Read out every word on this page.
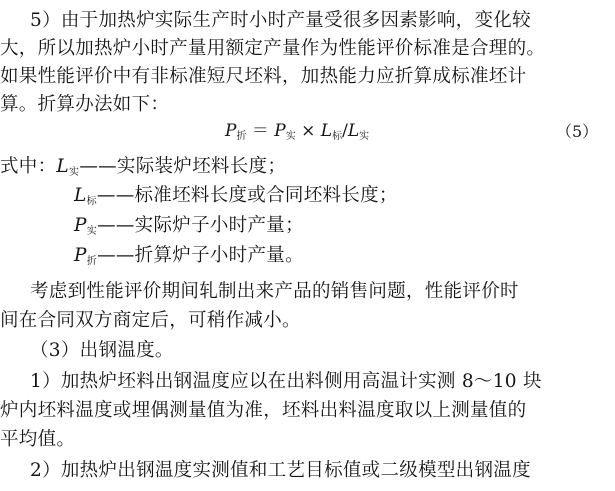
5）由于加热炉实际生产时小时产量受很多因素影响，变化较
大，所以加热炉小时产量用额定产量作为性能评价标准是合理的。
如果性能评价中有非标准短尺坯料，加热能力应折算成标准坯计
算。折算办法如下：
$P_折 = P_实 \times L_标/L_实$	（5）
式中：$L_实——$实际装炉坯料长度；
$L_标——$标准坯料长度或合同坯料长度；
$P_实——$实际炉子小时产量；
$P_折——$折算炉子小时产量。
考虑到性能评价期间轧制出来产品的销售问题，性能评价时
间在合同双方商定后，可稍作减小。
（3）出钢温度。
1）加热炉坯料出钢温度应以在出料侧用高温计实测 8～10 块
炉内坯料温度或埋偶测量值为准，坯料出料温度取以上测量值的
平均值。
2）加热炉出钢温度实测值和工艺目标值或二级模型出钢温度
